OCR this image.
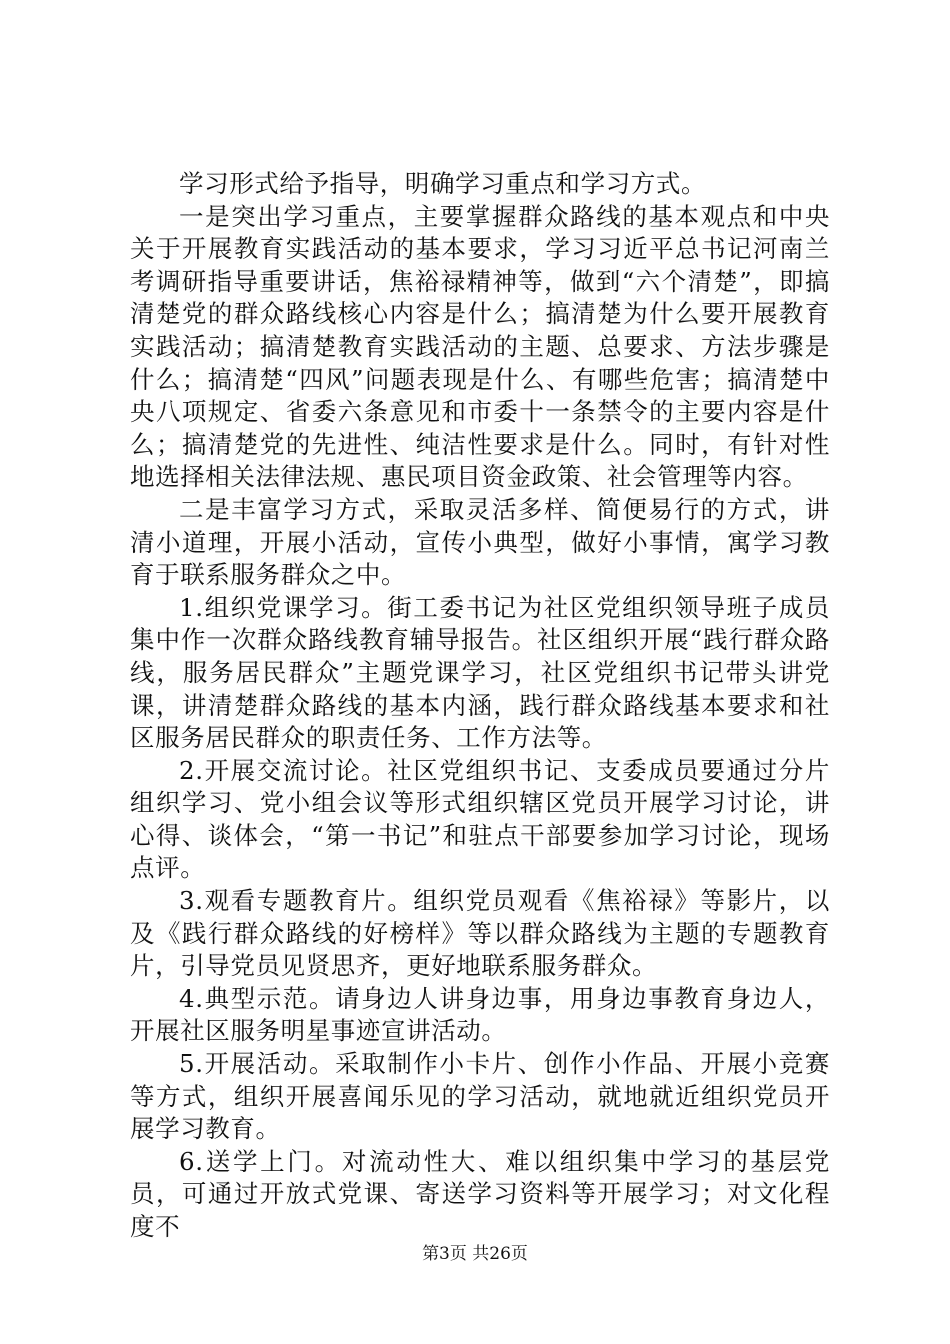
学习形式给予指导，明确学习重点和学习方式。

一是突出学习重点，主要掌握群众路线的基本观点和中央关于开展教育实践活动的基本要求，学习习近平总书记河南兰考调研指导重要讲话，焦裕禄精神等，做到“六个清楚”，即搞清楚党的群众路线核心内容是什么；搞清楚为什么要开展教育实践活动；搞清楚教育实践活动的主题、总要求、方法步骤是什么；搞清楚“四风”问题表现是什么、有哪些危害；搞清楚中央八项规定、省委六条意见和市委十一条禁令的主要内容是什么；搞清楚党的先进性、纯洁性要求是什么。同时，有针对性地选择相关法律法规、惠民项目资金政策、社会管理等内容。

二是丰富学习方式，采取灵活多样、简便易行的方式，讲清小道理，开展小活动，宣传小典型，做好小事情，寓学习教育于联系服务群众之中。

1.组织党课学习。街工委书记为社区党组织领导班子成员集中作一次群众路线教育辅导报告。社区组织开展“践行群众路线，服务居民群众”主题党课学习，社区党组织书记带头讲党课，讲清楚群众路线的基本内涵，践行群众路线基本要求和社区服务居民群众的职责任务、工作方法等。

2.开展交流讨论。社区党组织书记、支委成员要通过分片组织学习、党小组会议等形式组织辖区党员开展学习讨论，讲心得、谈体会，“第一书记”和驻点干部要参加学习讨论，现场点评。

3.观看专题教育片。组织党员观看《焦裕禄》等影片，以及《践行群众路线的好榜样》等以群众路线为主题的专题教育片，引导党员见贤思齐，更好地联系服务群众。

4.典型示范。请身边人讲身边事，用身边事教育身边人，开展社区服务明星事迹宣讲活动。

5.开展活动。采取制作小卡片、创作小作品、开展小竞赛等方式，组织开展喜闻乐见的学习活动，就地就近组织党员开展学习教育。

6.送学上门。对流动性大、难以组织集中学习的基层党员，可通过开放式党课、寄送学习资料等开展学习；对文化程度不

第3页 共26页
